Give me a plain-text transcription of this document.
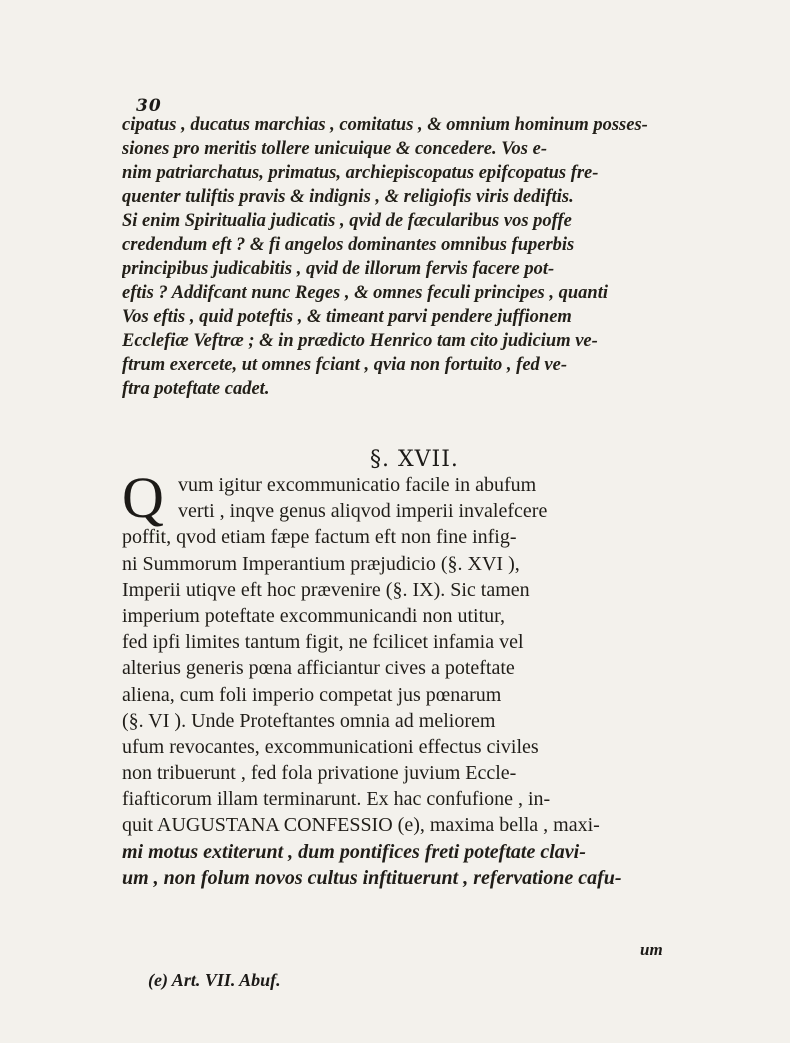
30
cipatus , ducatus marchias , comitatus , & omnium hominum posses-
siones pro meritis tollere unicuique & concedere. Vos e-
nim patriarchatus, primatus, archiepiscopatus epifcopatus fre-
quenter tuliftis pravis & indignis , & religiofis viris dediftis.
Si enim Spiritualia judicatis , qvid de fæcularibus vos poffe
credendum eft ? & fi angelos dominantes omnibus fuperbis
principibus judicabitis , qvid de illorum fervis facere pot-
eftis ? Addifcant nunc Reges , & omnes feculi principes , quanti
Vos eftis , quid poteftis , & timeant parvi pendere juffionem
Ecclefiæ Veftræ ; & in prædicto Henrico tam cito judicium ve-
ftrum exercete, ut omnes fciant , qvia non fortuito , fed ve-
ftra poteftate cadet.
§. XVII.
Q vum igitur excommunicatio facile in abufum
verti , inqve genus aliqvod imperii invalefcere
poffit, qvod etiam fæpe factum eft non fine infig-
ni Summorum Imperantium præjudicio (§. XVI ),
Imperii utiqve eft hoc prævenire (§. IX). Sic tamen
imperium poteftate excommunicandi non utitur,
fed ipfi limites tantum figit, ne fcilicet infamia vel
alterius generis pœna afficiantur cives a poteftate
aliena, cum foli imperio competat jus pœnarum
(§. VI ). Unde Proteftantes omnia ad meliorem
ufum revocantes, excommunicationi effectus civiles
non tribuerunt , fed fola privatione juvium Eccle-
fiafticorum illam terminarunt. Ex hac confufione , in-
quit AUGUSTANA CONFESSIO (e), maxima bella , maxi-
mi motus extiterunt , dum pontifices freti poteftate clavi-
um , non folum novos cultus inftituerunt , refervatione cafu-
um
(e) Art. VII. Abuf.
